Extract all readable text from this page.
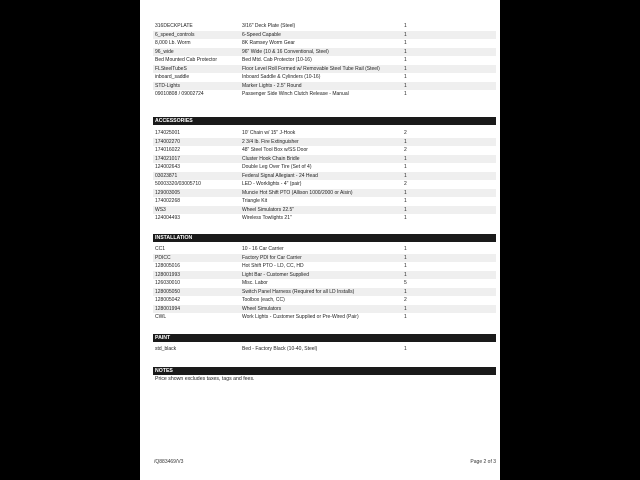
316DECKPLATE	3/16" Deck Plate (Steel)	1
6_speed_controls	6-Speed Capable	1
8,000 Lb. Worm	8K Ramsey Worm Gear	1
96_wide	96" Wide (10 & 16 Conventional, Steel)	1
Bed Mounted Cab Protector	Bed Mtd. Cab Protector (10-16)	1
FLSteelTubeS	Floor Level Roll Formed w/ Removable Steel Tube Rail (Steel)	1
inboard_saddle	Inboard Saddle & Cylinders (10-16)	1
STD-Lights	Marker Lights - 2.5" Round	1
09010808 / 09002724	Passenger Side Winch Clutch Release - Manual	1
ACCESSORIES
174025001	10' Chain w/ 15" J-Hook	2
174002270	2 3/4 lb. Fire Extinguisher	1
174016022	48" Steel Tool Box w/SS Door	2
174021017	Cluster Hook Chain Bridle	1
124002643	Double Leg Over Tire (Set of 4)	1
03023871	Federal Signal Allegiant - 24 Head	1
50003320/03005710	LED - Worklights - 4" (pair)	2
129003005	Muncie Hot Shift PTO (Allison 1000/2000 or Aisin)	1
174002268	Triangle Kit	1
WS3	Wheel Simulators 22.5"	1
124004493	Wireless Towlights 21"	1
INSTALLATION
CC1	10 - 16 Car Carrier	1
PDICC	Factory PDI for Car Carrier	1
128005016	Hot Shift PTO - LD, CC, HD	1
128001993	Light Bar - Customer Supplied	1
126030010	Misc. Labor	5
128005050	Switch Panel Harness (Required for all LD Installs)	1
128005042	Toolbox (each, CC)	2
128001994	Wheel Simulators	1
CWL	Work Lights - Customer Supplied or Pre-Wired (Pair)	1
PAINT
std_black	Bed - Factory Black (10-40, Steel)	1
NOTES
Price shown excludes taxes, tags and fees.
/Q883469/V3	Page 2 of 3
